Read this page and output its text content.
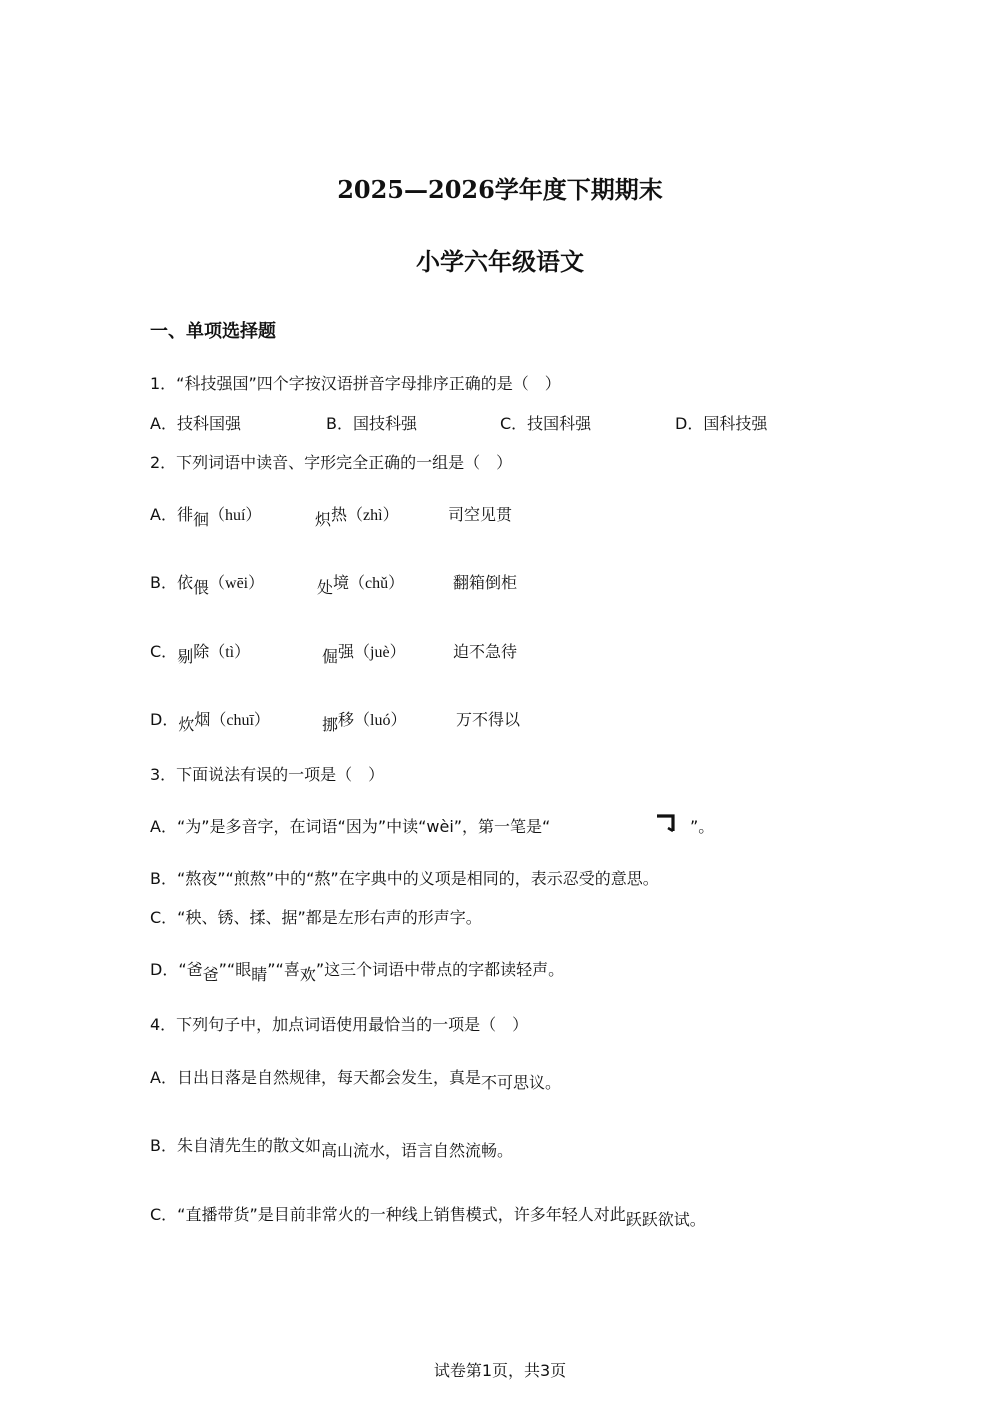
2025—2026学年度下期期末
小学六年级语文
一、单项选择题
1．“科技强国”四个字按汉语拼音字母排序正确的是（　）
A．技科国强	B．国技科强	C．技国科强	D．国科技强
2．下列词语中读音、字形完全正确的一组是（　）
A．徘徊（huí）	炽热（zhì）	司空见贯
B．依偎（wēi）	处境（chǔ）	翻箱倒柜
C．剔除（tì）	倔强（juè）	迫不急待
D．炊烟（chuī）	挪移（luó）	万不得以
3．下面说法有误的一项是（　）
A．“为”是多音字，在词语“因为”中读“wèi”，第一笔是“	”。
B．“熬夜”“煎熬”中的“熬”在字典中的义项是相同的，表示忍受的意思。
C．“秧、锈、揉、据”都是左形右声的形声字。
D．“爸爸”“眼睛”“喜欢”这三个词语中带点的字都读轻声。
4．下列句子中，加点词语使用最恰当的一项是（　）
A．日出日落是自然规律，每天都会发生，真是不可思议。
B．朱自清先生的散文如高山流水，语言自然流畅。
C．“直播带货”是目前非常火的一种线上销售模式，许多年轻人对此跃跃欲试。
试卷第1页，共3页
